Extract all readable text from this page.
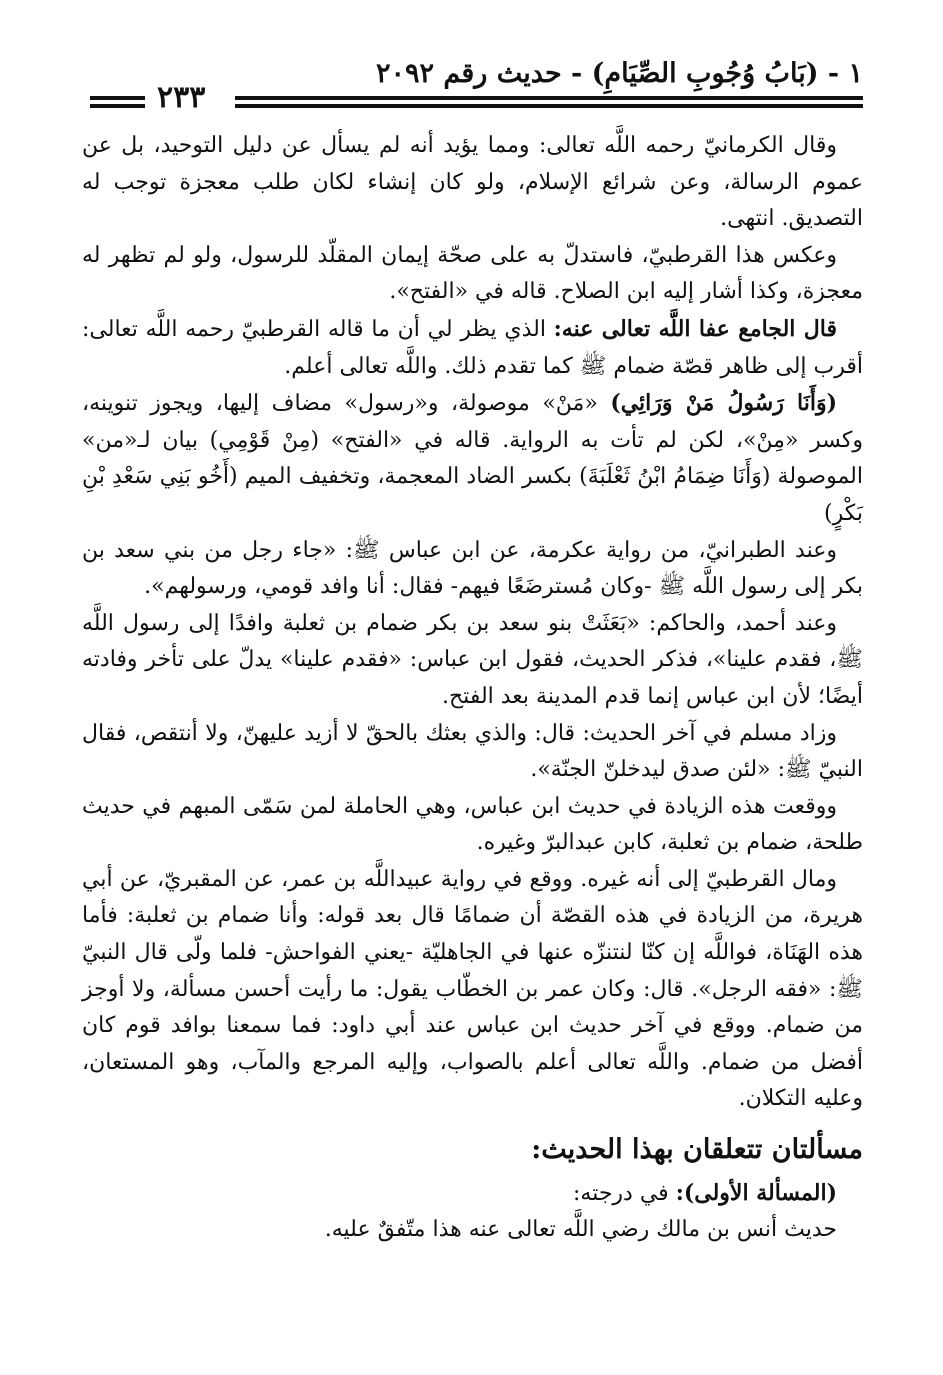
١ - (بَابُ وُجُوبِ الصِّيَامِ) - حديث رقم ٢٠٩٢
٢٣٣

وقال الكرمانيّ رحمه اللَّه تعالى: ومما يؤيد أنه لم يسأل عن دليل التوحيد، بل عن عموم الرسالة، وعن شرائع الإسلام، ولو كان إنشاء لكان طلب معجزة توجب له التصديق. انتهى.

وعكس هذا القرطبيّ، فاستدلّ به على صحّة إيمان المقلّد للرسول، ولو لم تظهر له معجزة، وكذا أشار إليه ابن الصلاح. قاله في «الفتح».

قال الجامع عفا اللَّه تعالى عنه: الذي يظر لي أن ما قاله القرطبيّ رحمه اللَّه تعالى: أقرب إلى ظاهر قصّة ضمام ﷺ كما تقدم ذلك. واللَّه تعالى أعلم.

(وَأَنَا رَسُولُ مَنْ وَرَائِي) «مَنْ» موصولة، و«رسول» مضاف إليها، ويجوز تنوينه، وكسر «مِنْ»، لكن لم تأت به الرواية. قاله في «الفتح» (مِنْ قَوْمِي) بيان لـ«من» الموصولة (وَأَنَا ضِمَامُ ابْنُ ثَعْلَبَةَ) بكسر الضاد المعجمة، وتخفيف الميم (أَخُو بَنِي سَعْدِ بْنِ بَكْرٍ)

وعند الطبرانيّ، من رواية عكرمة، عن ابن عباس ﷺ: «جاء رجل من بني سعد بن بكر إلى رسول اللَّه ﷺ -وكان مُسترضَعًا فيهم- فقال: أنا وافد قومي، ورسولهم».

وعند أحمد، والحاكم: «بَعَثَتْ بنو سعد بن بكر ضمام بن ثعلبة وافدًا إلى رسول اللَّه ﷺ، فقدم علينا»، فذكر الحديث، فقول ابن عباس: «فقدم علينا» يدلّ على تأخر وفادته أيضًا؛ لأن ابن عباس إنما قدم المدينة بعد الفتح.

وزاد مسلم في آخر الحديث: قال: والذي بعثك بالحقّ لا أزيد عليهنّ، ولا أنتقص، فقال النبيّ ﷺ: «لئن صدق ليدخلنّ الجنّة».

ووقعت هذه الزيادة في حديث ابن عباس، وهي الحاملة لمن سَمّى المبهم في حديث طلحة، ضمام بن ثعلبة، كابن عبدالبرّ وغيره.

ومال القرطبيّ إلى أنه غيره. ووقع في رواية عبيداللَّه بن عمر، عن المقبريّ، عن أبي هريرة، من الزيادة في هذه القصّة أن ضمامًا قال بعد قوله: وأنا ضمام بن ثعلبة: فأما هذه الهَنَاة، فواللَّه إن كنّا لنتنزّه عنها في الجاهليّة -يعني الفواحش- فلما ولّى قال النبيّ ﷺ: «فقه الرجل». قال: وكان عمر بن الخطّاب يقول: ما رأيت أحسن مسألة، ولا أوجز من ضمام. ووقع في آخر حديث ابن عباس عند أبي داود: فما سمعنا بوافد قوم كان أفضل من ضمام. واللَّه تعالى أعلم بالصواب، وإليه المرجع والمآب، وهو المستعان، وعليه التكلان.

مسألتان تتعلقان بهذا الحديث:

(المسألة الأولى): في درجته:

حديث أنس بن مالك رضي اللَّه تعالى عنه هذا متّفقٌ عليه.
